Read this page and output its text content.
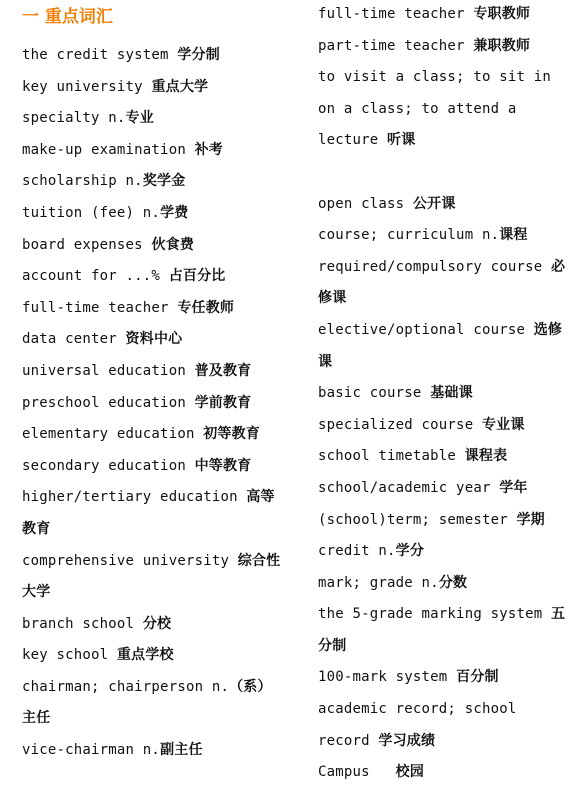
一 重点词汇
the credit system 学分制
key university 重点大学
specialty n.专业
make-up examination 补考
scholarship n.奖学金
tuition (fee) n.学费
board expenses 伙食费
account for ...% 占百分比
full-time teacher 专任教师
data center 资料中心
universal education 普及教育
preschool education 学前教育
elementary education 初等教育
secondary education 中等教育
higher/tertiary education 高等教育
comprehensive university 综合性大学
branch school 分校
key school 重点学校
chairman; chairperson n.（系）主任
vice-chairman n.副主任
full-time teacher 专职教师
part-time teacher 兼职教师
to visit a class; to sit in on a class; to attend a lecture 听课
open class 公开课
course; curriculum n.课程
required/compulsory course 必修课
elective/optional course 选修课
basic course 基础课
specialized course 专业课
school timetable 课程表
school/academic year 学年
(school)term; semester 学期
credit n.学分
mark; grade n.分数
the 5-grade marking system 五分制
100-mark system 百分制
academic record; school record 学习成绩
Campus   校园
